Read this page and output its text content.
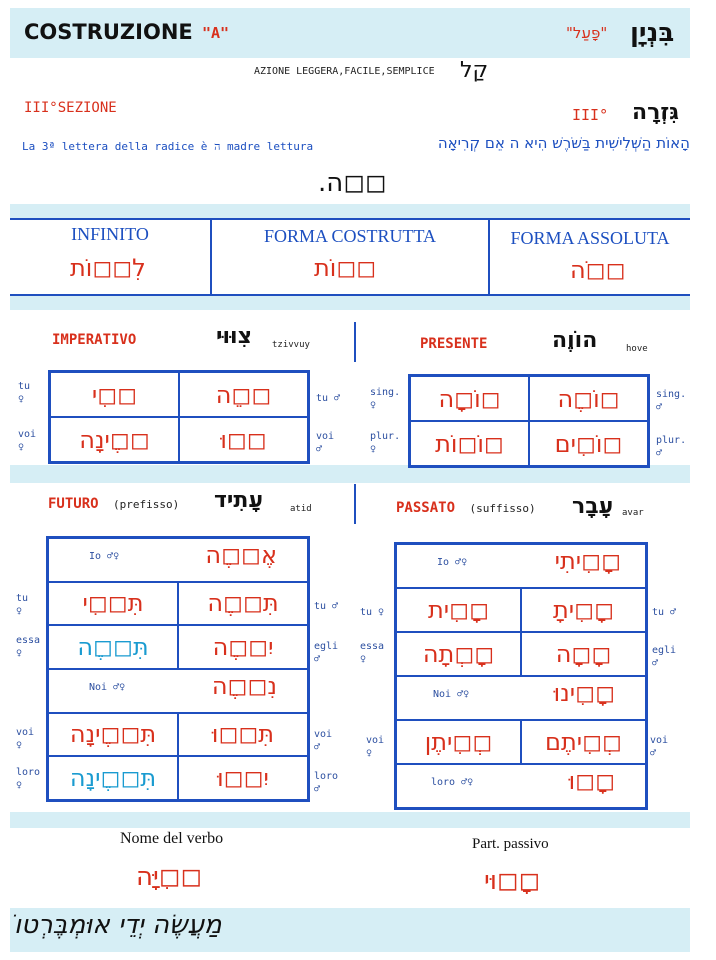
COSTRUZIONE "A"	"פָּעַל" בִּנְיָן
AZIONE LEGGERA,FACILE,SEMPLICE קַל
III°SEZIONE	III° גִּזְרָה
La 3ª lettera della radice è ה madre lettura	הָאוֹת הַשְּׁלִישִׁית בַּשֹּׁרֶשׁ הִיא ה אֵם קְרִיאָה
◻◻ה.
INFINITO
לִ◻◻וֹת
FORMA COSTRUTTA
◻◻וֹת
FORMA ASSOLUTA
◻◻ֹה
IMPERATIVO	צִוּוּי tzivvuy	PRESENTE	הוֹוֶה	hove
tu ♀
voi ♀
◻◻ִי	◻◻ֵה
◻◻ֶינָה	◻◻וּ
tu ♂
voi ♂
sing. ♀
plur. ♀
◻וֹ◻ָה	◻וֹ◻ֶה
◻וֹ◻וֹת	◻וֹ◻ִים
sing. ♂
plur. ♂
FUTURO (prefisso) עָתִיד	atid	PASSATO (suffisso) עָבָר avar
tu ♀
essa ♀
voi ♀
loro ♀
Io ♂♀	אֶ◻◻ֶה
תִּ◻◻ִי	תִּ◻◻ֶה
תִּ◻◻ֶה	יִ◻◻ֶה
Noi ♂♀	נִ◻◻ֶה
תִּ◻◻ֶינָה	תִּ◻◻וּ
תִּ◻◻ֶינָה	יִ◻◻וּ
tu ♂
egli ♂
voi ♂
loro ♂
tu ♀
essa ♀
voi ♀
Io ♂♀	◻ָ◻ִיתִי
◻ָ◻ִית	◻ָ◻ִיתָ
◻ָ◻ְתָה	◻ָ◻ָה
Noi ♂♀	◻ָ◻ִינוּ
◻ְ◻ִיתֶן	◻ְ◻ִיתֶם
loro ♂♀	◻ָ◻וּ
tu ♂
egli ♂
voi ♂
Nome del verbo
◻◻ִיָּה
Part. passivo
◻ָ◻וּי
מַעֲשֶׂה יְדֵי אוּמְבֶּרְטוֹ
